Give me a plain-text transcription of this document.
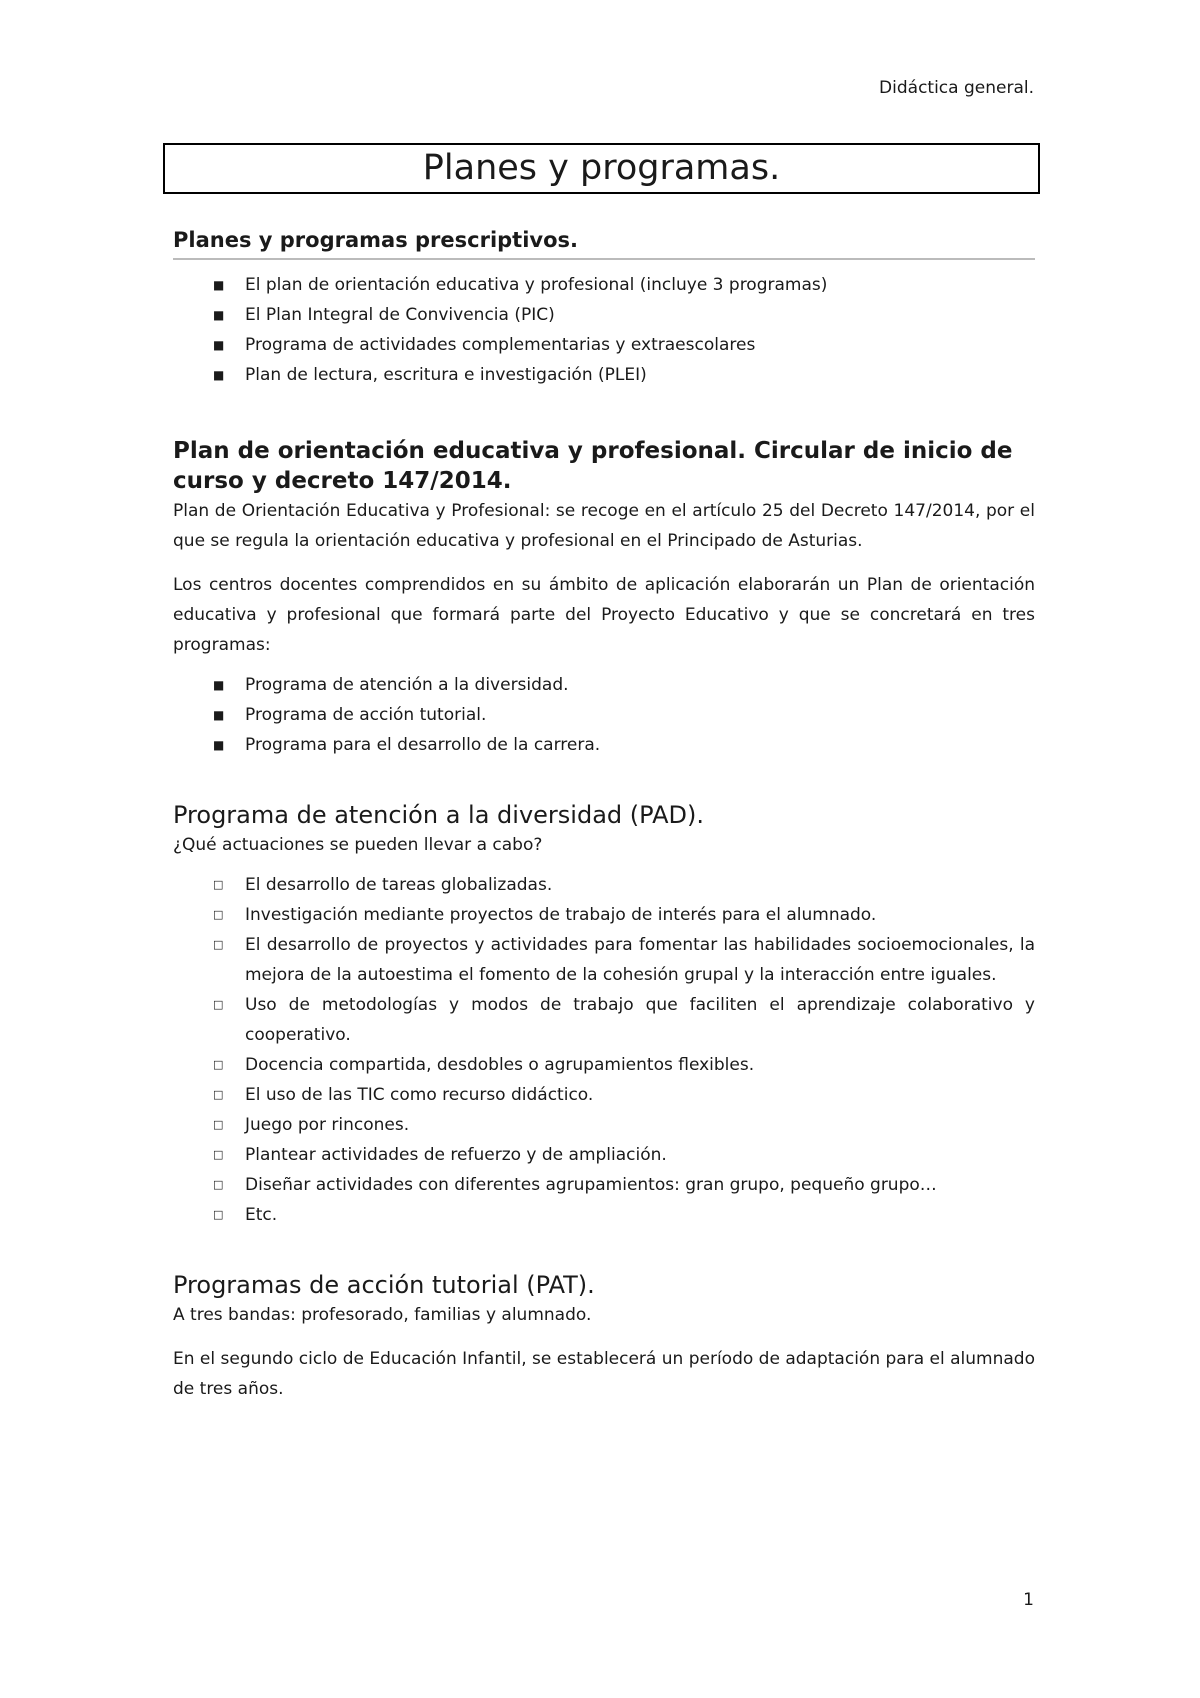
Didáctica general.
Planes y programas.
Planes y programas prescriptivos.
■ El plan de orientación educativa y profesional (incluye 3 programas)
■ El Plan Integral de Convivencia (PIC)
■ Programa de actividades complementarias y extraescolares
■ Plan de lectura, escritura e investigación (PLEI)
Plan de orientación educativa y profesional. Circular de inicio de curso y decreto 147/2014.

Plan de Orientación Educativa y Profesional: se recoge en el artículo 25 del Decreto 147/2014, por el que se regula la orientación educativa y profesional en el Principado de Asturias.

Los centros docentes comprendidos en su ámbito de aplicación elaborarán un Plan de orientación educativa y profesional que formará parte del Proyecto Educativo y que se concretará en tres programas:

■ Programa de atención a la diversidad.
■ Programa de acción tutorial.
■ Programa para el desarrollo de la carrera.
Programa de atención a la diversidad (PAD).

¿Qué actuaciones se pueden llevar a cabo?

□ El desarrollo de tareas globalizadas.
□ Investigación mediante proyectos de trabajo de interés para el alumnado.
□ El desarrollo de proyectos y actividades para fomentar las habilidades socioemocionales, la mejora de la autoestima el fomento de la cohesión grupal y la interacción entre iguales.
□ Uso de metodologías y modos de trabajo que faciliten el aprendizaje colaborativo y cooperativo.
□ Docencia compartida, desdobles o agrupamientos flexibles.
□ El uso de las TIC como recurso didáctico.
□ Juego por rincones.
□ Plantear actividades de refuerzo y de ampliación.
□ Diseñar actividades con diferentes agrupamientos: gran grupo, pequeño grupo…
□ Etc.
Programas de acción tutorial (PAT).

A tres bandas: profesorado, familias y alumnado.

En el segundo ciclo de Educación Infantil, se establecerá un período de adaptación para el alumnado de tres años.

1
